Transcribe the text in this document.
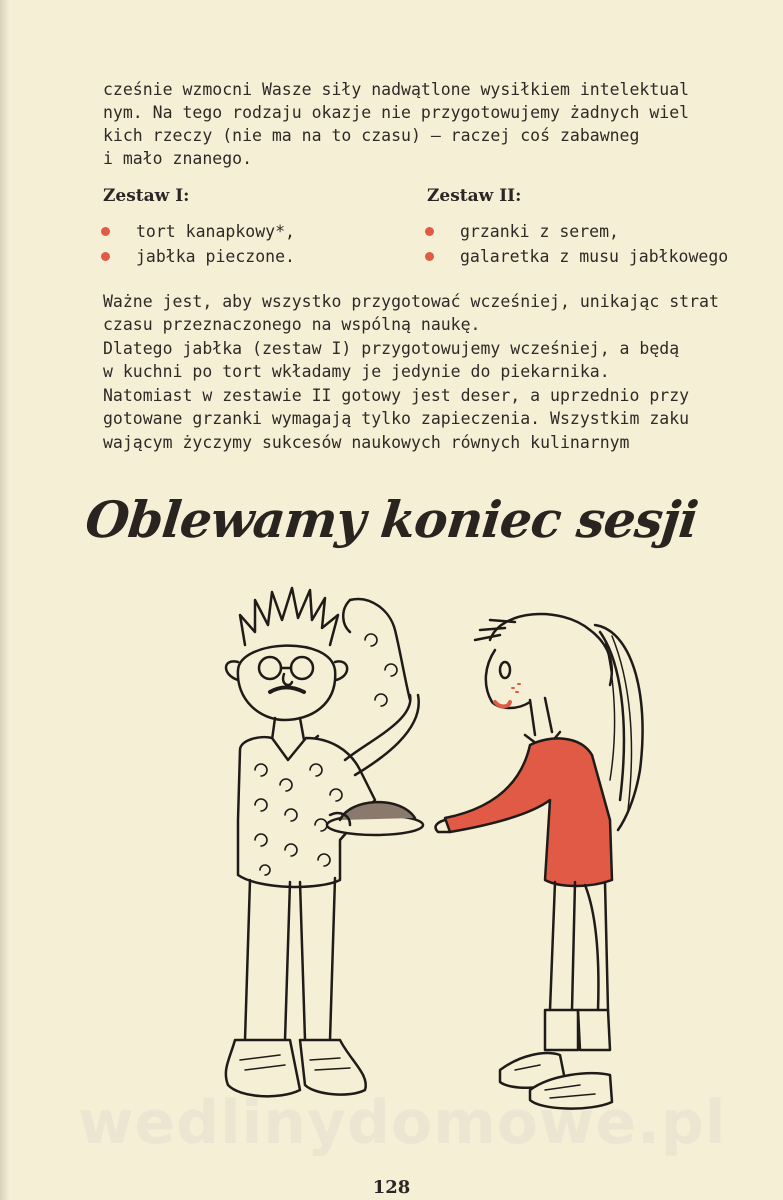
cześnie wzmocni Wasze siły nadwątlone wysiłkiem intelektual
nym. Na tego rodzaju okazje nie przygotowujemy żadnych wiel
kich rzeczy (nie ma na to czasu) — raczej coś zabawneg
i mało znanego.
Zestaw I:	Zestaw II:
tort kanapkowy*,
jabłka pieczone.
grzanki z serem,
galaretka z musu jabłkowego
Ważne jest, aby wszystko przygotować wcześniej, unikając strat
czasu przeznaczonego na wspólną naukę.
Dlatego jabłka (zestaw I) przygotowujemy wcześniej, a będą
w kuchni po tort wkładamy je jedynie do piekarnika.
Natomiast w zestawie II gotowy jest deser, a uprzednio przy
gotowane grzanki wymagają tylko zapieczenia. Wszystkim zaku
wającym życzymy sukcesów naukowych równych kulinarnym
Oblewamy koniec sesji
wedlinydomowe.pl
128
